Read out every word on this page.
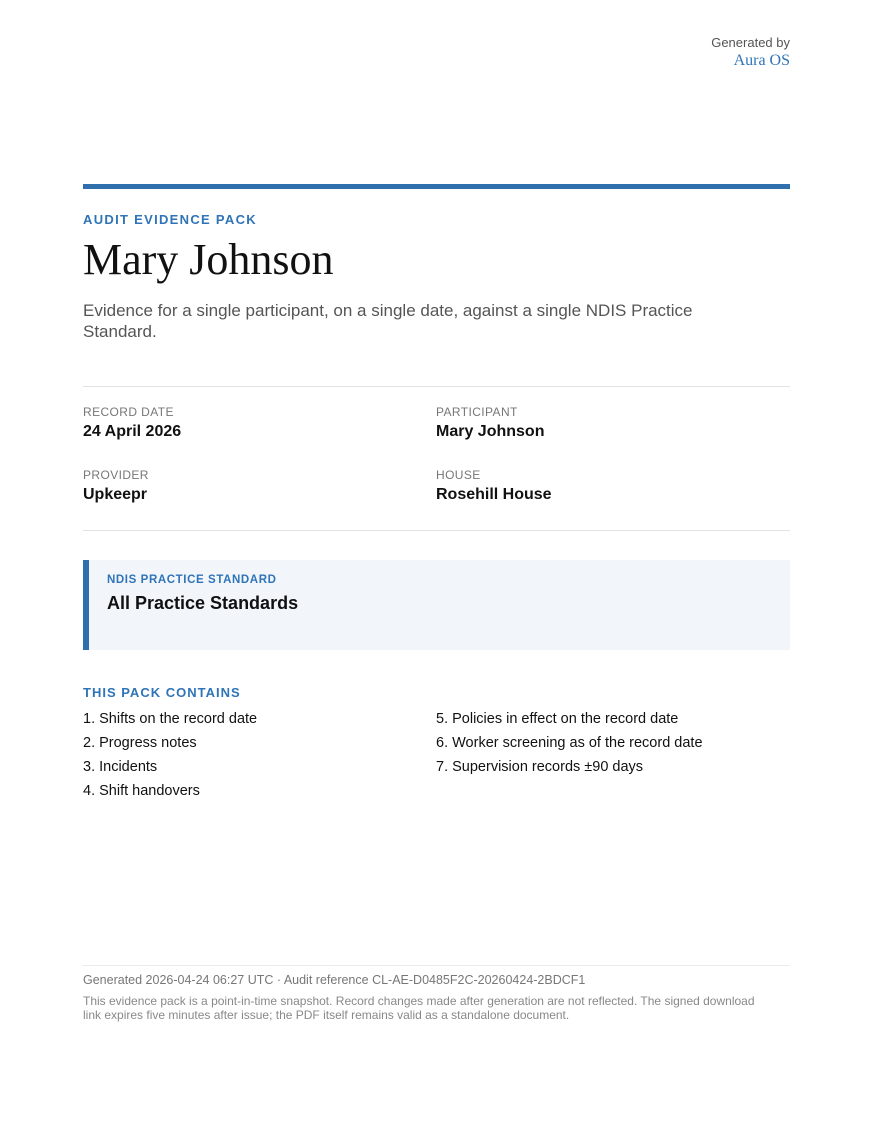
Generated by
Aura OS
AUDIT EVIDENCE PACK
Mary Johnson
Evidence for a single participant, on a single date, against a single NDIS Practice Standard.
RECORD DATE
24 April 2026
PARTICIPANT
Mary Johnson
PROVIDER
Upkeepr
HOUSE
Rosehill House
NDIS PRACTICE STANDARD
All Practice Standards
THIS PACK CONTAINS
1. Shifts on the record date
2. Progress notes
3. Incidents
4. Shift handovers
5. Policies in effect on the record date
6. Worker screening as of the record date
7. Supervision records ±90 days
Generated 2026-04-24 06:27 UTC · Audit reference CL-AE-D0485F2C-20260424-2BDCF1
This evidence pack is a point-in-time snapshot. Record changes made after generation are not reflected. The signed download link expires five minutes after issue; the PDF itself remains valid as a standalone document.
